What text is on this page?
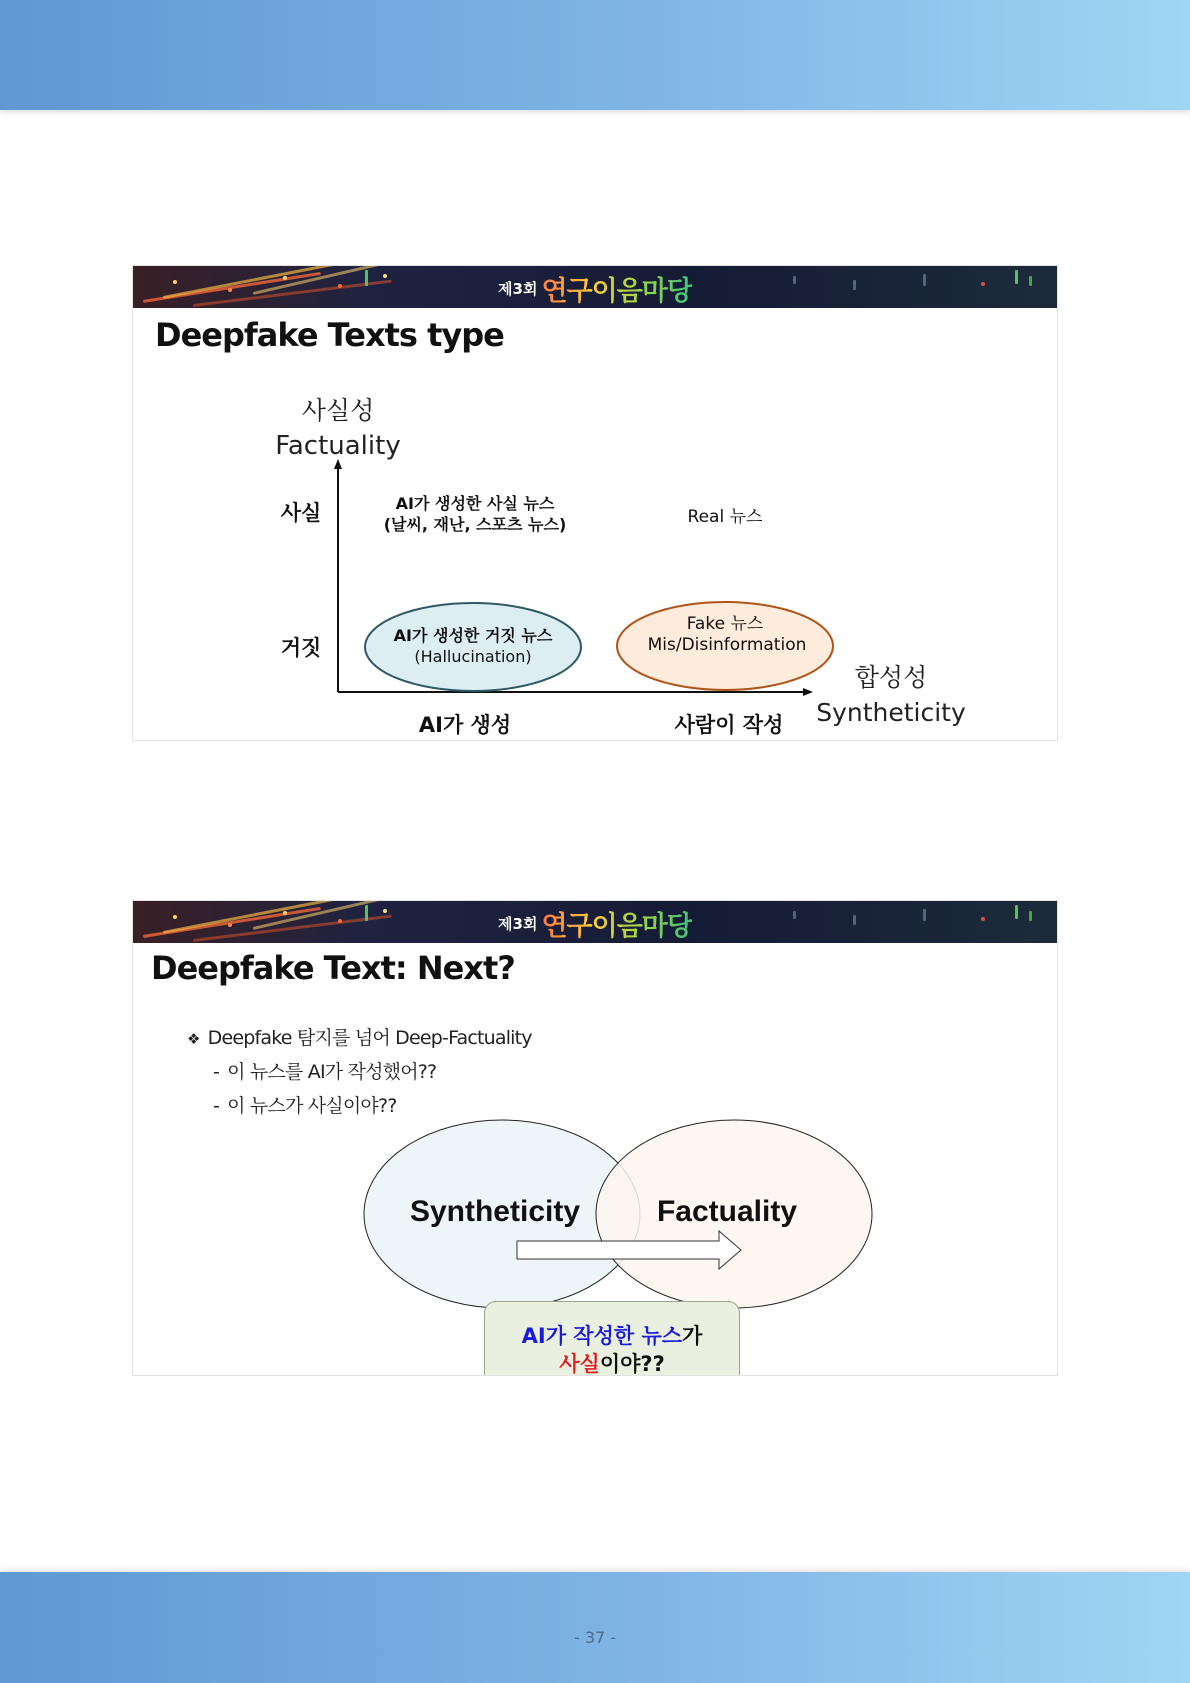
제3회 연구이음마당
Deepfake Texts type
사실성
Factuality
사실
거짓
AI가 생성한 사실 뉴스
(날씨, 재난, 스포츠 뉴스)	Real 뉴스
AI가 생성한 거짓 뉴스
(Hallucination)
Fake 뉴스
Mis/Disinformation
AI가 생성	사람이 작성
합성성
Syntheticity
제3회 연구이음마당
Deepfake Text: Next?
❖ Deepfake 탐지를 넘어 Deep-Factuality
- 이 뉴스를 AI가 작성했어??
- 이 뉴스가 사실이야??
Syntheticity	Factuality
AI가 작성한 뉴스가
사실이야??
- 37 -
